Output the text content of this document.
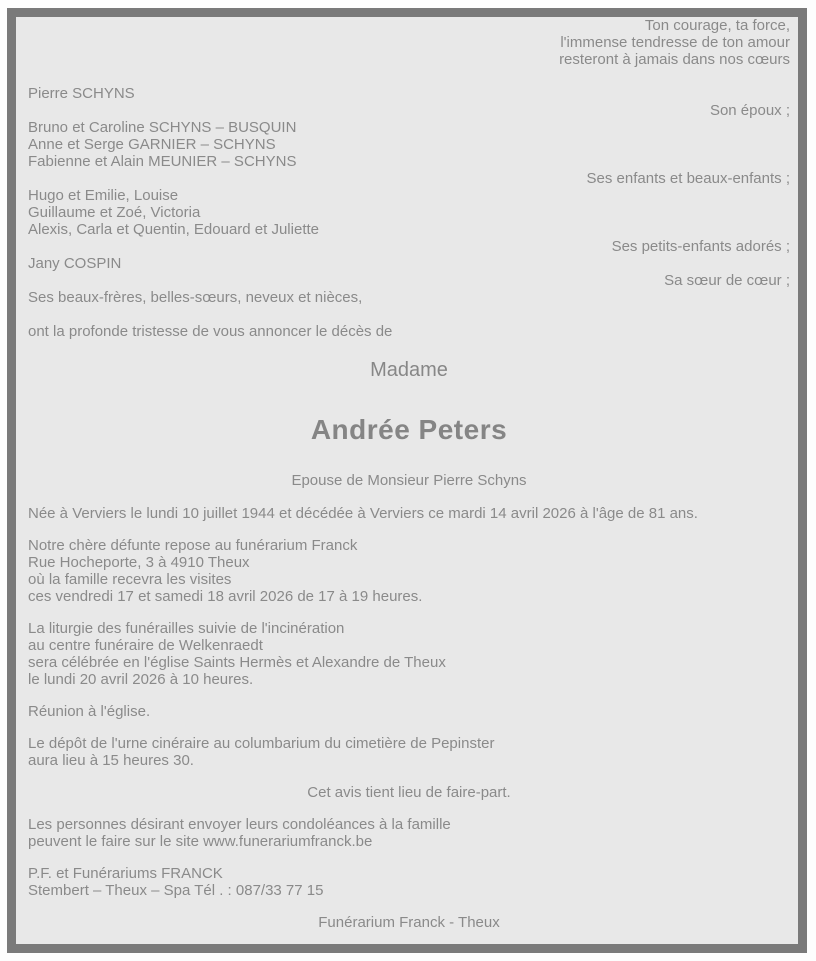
Ton courage, ta force,
l'immense tendresse de ton amour
resteront à jamais dans nos cœurs
Pierre SCHYNS
Son époux ;
Bruno et Caroline SCHYNS – BUSQUIN
Anne et Serge GARNIER – SCHYNS
Fabienne et Alain MEUNIER – SCHYNS
Ses enfants et beaux-enfants ;
Hugo et Emilie, Louise
Guillaume et Zoé, Victoria
Alexis, Carla et Quentin, Edouard et Juliette
Ses petits-enfants adorés ;
Jany COSPIN
Sa sœur de cœur ;
Ses beaux-frères, belles-sœurs, neveux et nièces,
ont la profonde tristesse de vous annoncer le décès de
Madame
Andrée Peters
Epouse de Monsieur Pierre Schyns
Née à Verviers le lundi 10 juillet 1944 et décédée à Verviers ce mardi 14 avril 2026 à l'âge de 81 ans.
Notre chère défunte repose au funérarium Franck
Rue Hocheporte, 3 à 4910 Theux
où la famille recevra les visites
ces vendredi 17 et samedi 18 avril 2026 de 17 à 19 heures.
La liturgie des funérailles suivie de l'incinération
au centre funéraire de Welkenraedt
sera célébrée en l'église Saints Hermès et Alexandre de Theux
le lundi 20 avril 2026 à 10 heures.
Réunion à l'église.
Le dépôt de l'urne cinéraire au columbarium du cimetière de Pepinster
aura lieu à 15 heures 30.
Cet avis tient lieu de faire-part.
Les personnes désirant envoyer leurs condoléances à la famille
peuvent le faire sur le site www.funerariumfranck.be
P.F. et Funérariums FRANCK
Stembert – Theux – Spa Tél . : 087/33 77 15
Funérarium Franck - Theux
